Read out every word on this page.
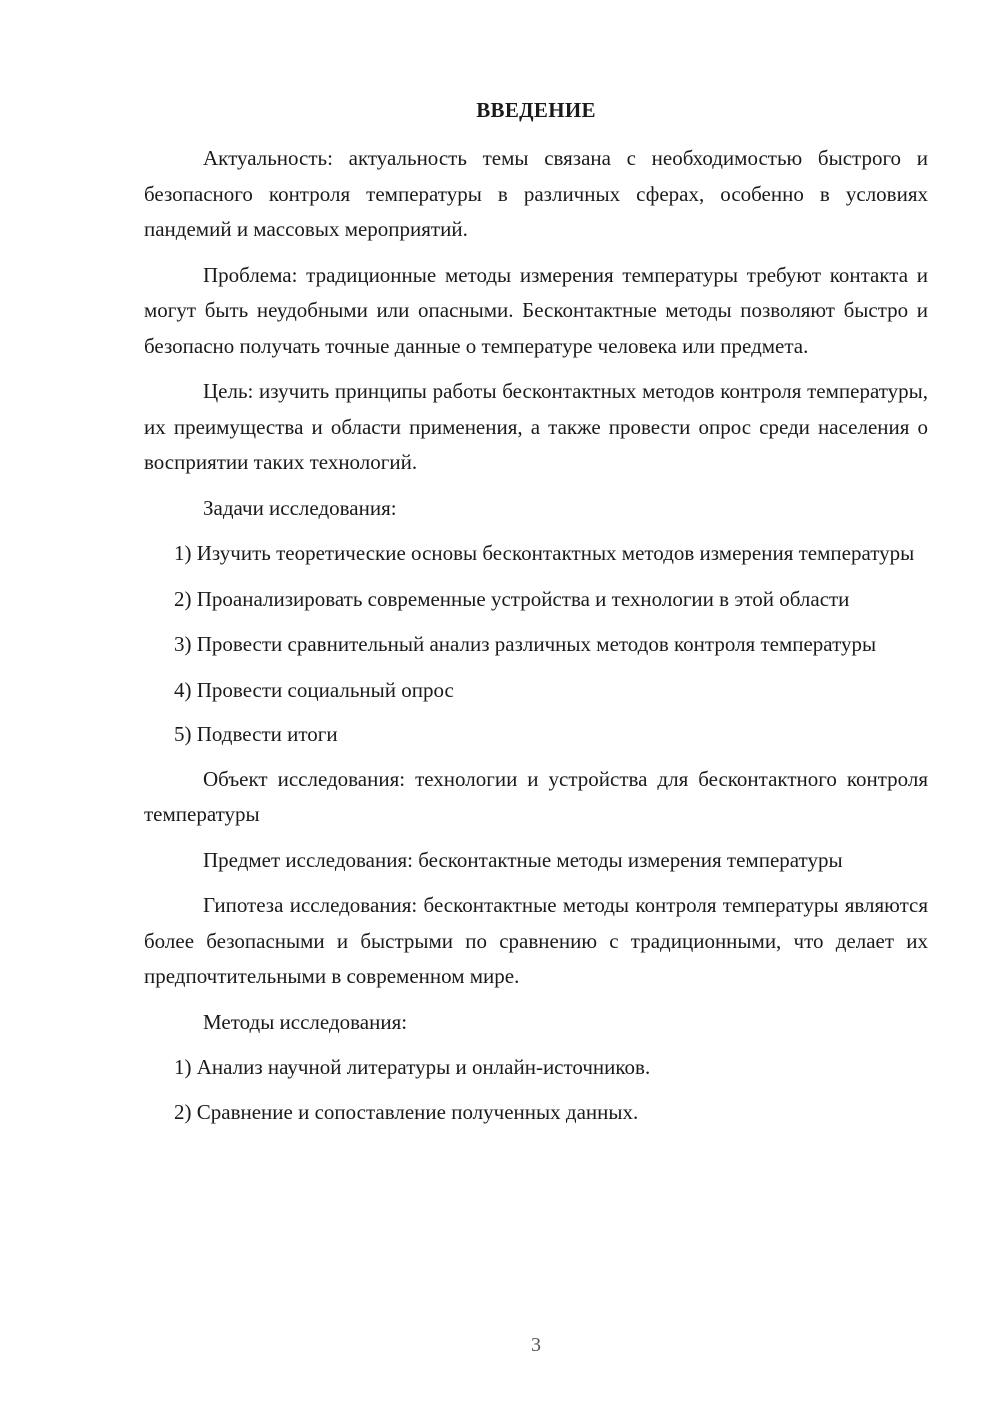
ВВЕДЕНИЕ

Актуальность: актуальность темы связана с необходимостью быстрого и безопасного контроля температуры в различных сферах, особенно в условиях пандемий и массовых мероприятий.

Проблема: традиционные методы измерения температуры требуют контакта и могут быть неудобными или опасными. Бесконтактные методы позволяют быстро и безопасно получать точные данные о температуре человека или предмета.

Цель: изучить принципы работы бесконтактных методов контроля температуры, их преимущества и области применения, а также провести опрос среди населения о восприятии таких технологий.

Задачи исследования:

1) Изучить теоретические основы бесконтактных методов измерения температуры

2) Проанализировать современные устройства и технологии в этой области

3) Провести сравнительный анализ различных методов контроля температуры

4) Провести социальный опрос

5) Подвести итоги

Объект исследования: технологии и устройства для бесконтактного контроля температуры

Предмет исследования: бесконтактные методы измерения температуры

Гипотеза исследования: бесконтактные методы контроля температуры являются более безопасными и быстрыми по сравнению с традиционными, что делает их предпочтительными в современном мире.

Методы исследования:

1) Анализ научной литературы и онлайн-источников.

2) Сравнение и сопоставление полученных данных.

3
